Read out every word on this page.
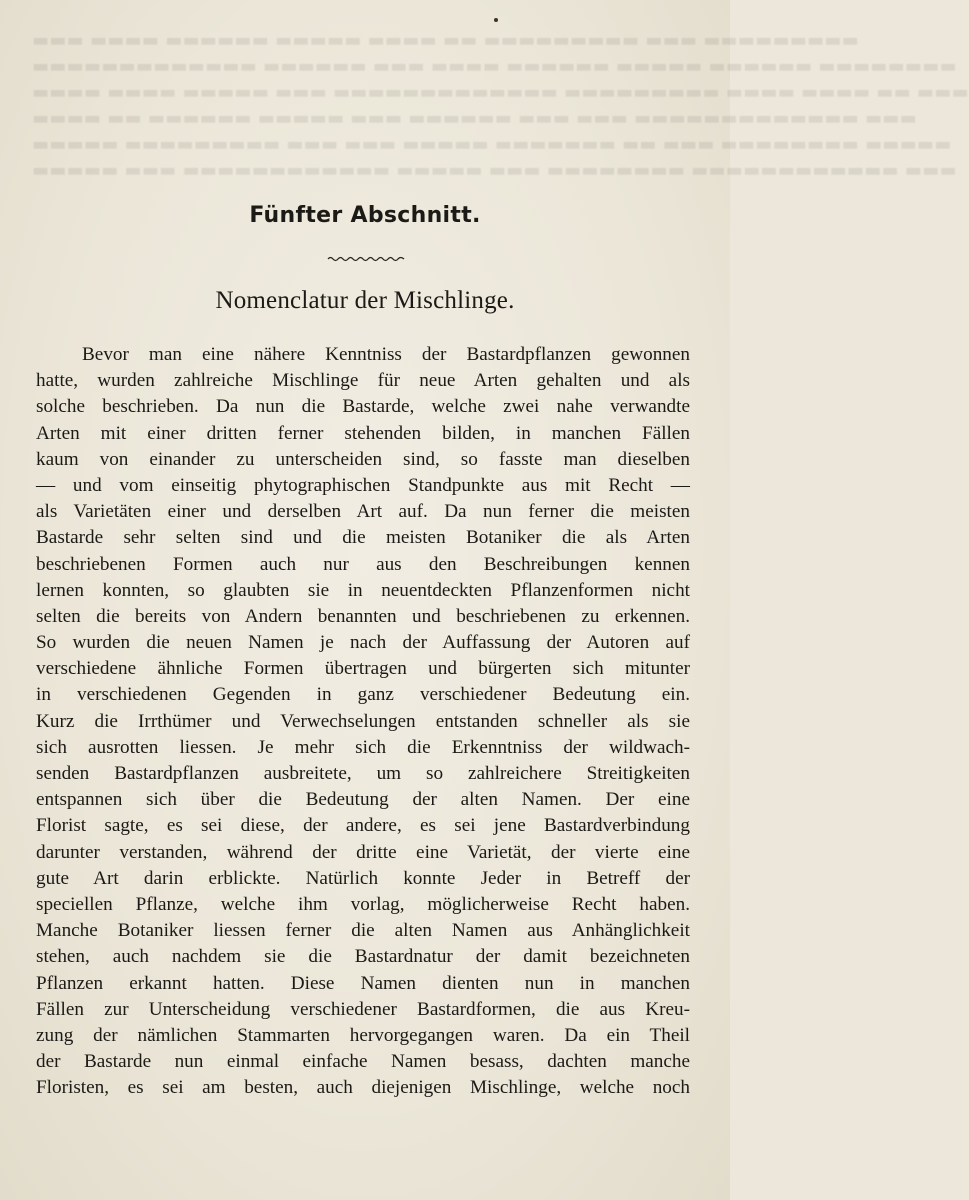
▬▬▬ ▬▬▬▬ ▬▬▬▬▬▬ ▬▬▬▬▬ ▬▬▬▬ ▬▬ ▬▬▬▬▬▬▬▬▬ ▬▬▬ ▬▬▬▬▬▬▬▬▬
▬▬▬▬▬▬▬▬▬▬▬▬▬ ▬▬▬▬▬▬ ▬▬▬ ▬▬▬▬ ▬▬▬▬▬▬ ▬▬▬▬▬ ▬▬▬▬▬▬ ▬▬▬▬▬▬▬▬
▬▬▬▬ ▬▬▬▬ ▬▬▬▬▬ ▬▬▬ ▬▬▬▬▬▬▬▬▬▬▬▬▬ ▬▬▬▬▬▬▬▬▬ ▬▬▬▬ ▬▬▬▬ ▬▬ ▬▬▬
▬▬▬▬ ▬▬ ▬▬▬▬▬▬ ▬▬▬▬▬ ▬▬▬ ▬▬▬▬▬▬ ▬▬▬ ▬▬▬ ▬▬▬▬▬▬▬▬▬▬▬▬▬ ▬▬▬
▬▬▬▬▬ ▬▬▬▬▬▬▬▬▬ ▬▬▬ ▬▬▬ ▬▬▬▬▬ ▬▬▬▬▬▬▬ ▬▬ ▬▬▬ ▬▬▬▬▬▬▬▬ ▬▬▬▬▬
▬▬▬▬▬ ▬▬▬ ▬▬▬▬▬▬▬▬▬▬▬▬ ▬▬▬▬▬ ▬▬▬ ▬▬▬▬▬▬▬▬ ▬▬▬▬▬▬▬▬▬▬▬▬ ▬▬▬
Fünfter Abschnitt.
Nomenclatur der Mischlinge.
Bevor man eine nähere Kenntniss der Bastardpflanzen gewonnen
hatte, wurden zahlreiche Mischlinge für neue Arten gehalten und als
solche beschrieben. Da nun die Bastarde, welche zwei nahe verwandte
Arten mit einer dritten ferner stehenden bilden, in manchen Fällen
kaum von einander zu unterscheiden sind, so fasste man dieselben
— und vom einseitig phytographischen Standpunkte aus mit Recht —
als Varietäten einer und derselben Art auf. Da nun ferner die meisten
Bastarde sehr selten sind und die meisten Botaniker die als Arten
beschriebenen Formen auch nur aus den Beschreibungen kennen
lernen konnten, so glaubten sie in neuentdeckten Pflanzenformen nicht
selten die bereits von Andern benannten und beschriebenen zu erkennen.
So wurden die neuen Namen je nach der Auffassung der Autoren auf
verschiedene ähnliche Formen übertragen und bürgerten sich mitunter
in verschiedenen Gegenden in ganz verschiedener Bedeutung ein.
Kurz die Irrthümer und Verwechselungen entstanden schneller als sie
sich ausrotten liessen. Je mehr sich die Erkenntniss der wildwach-
senden Bastardpflanzen ausbreitete, um so zahlreichere Streitigkeiten
entspannen sich über die Bedeutung der alten Namen. Der eine
Florist sagte, es sei diese, der andere, es sei jene Bastardverbindung
darunter verstanden, während der dritte eine Varietät, der vierte eine
gute Art darin erblickte. Natürlich konnte Jeder in Betreff der
speciellen Pflanze, welche ihm vorlag, möglicherweise Recht haben.
Manche Botaniker liessen ferner die alten Namen aus Anhänglichkeit
stehen, auch nachdem sie die Bastardnatur der damit bezeichneten
Pflanzen erkannt hatten. Diese Namen dienten nun in manchen
Fällen zur Unterscheidung verschiedener Bastardformen, die aus Kreu-
zung der nämlichen Stammarten hervorgegangen waren. Da ein Theil
der Bastarde nun einmal einfache Namen besass, dachten manche
Floristen, es sei am besten, auch diejenigen Mischlinge, welche noch
